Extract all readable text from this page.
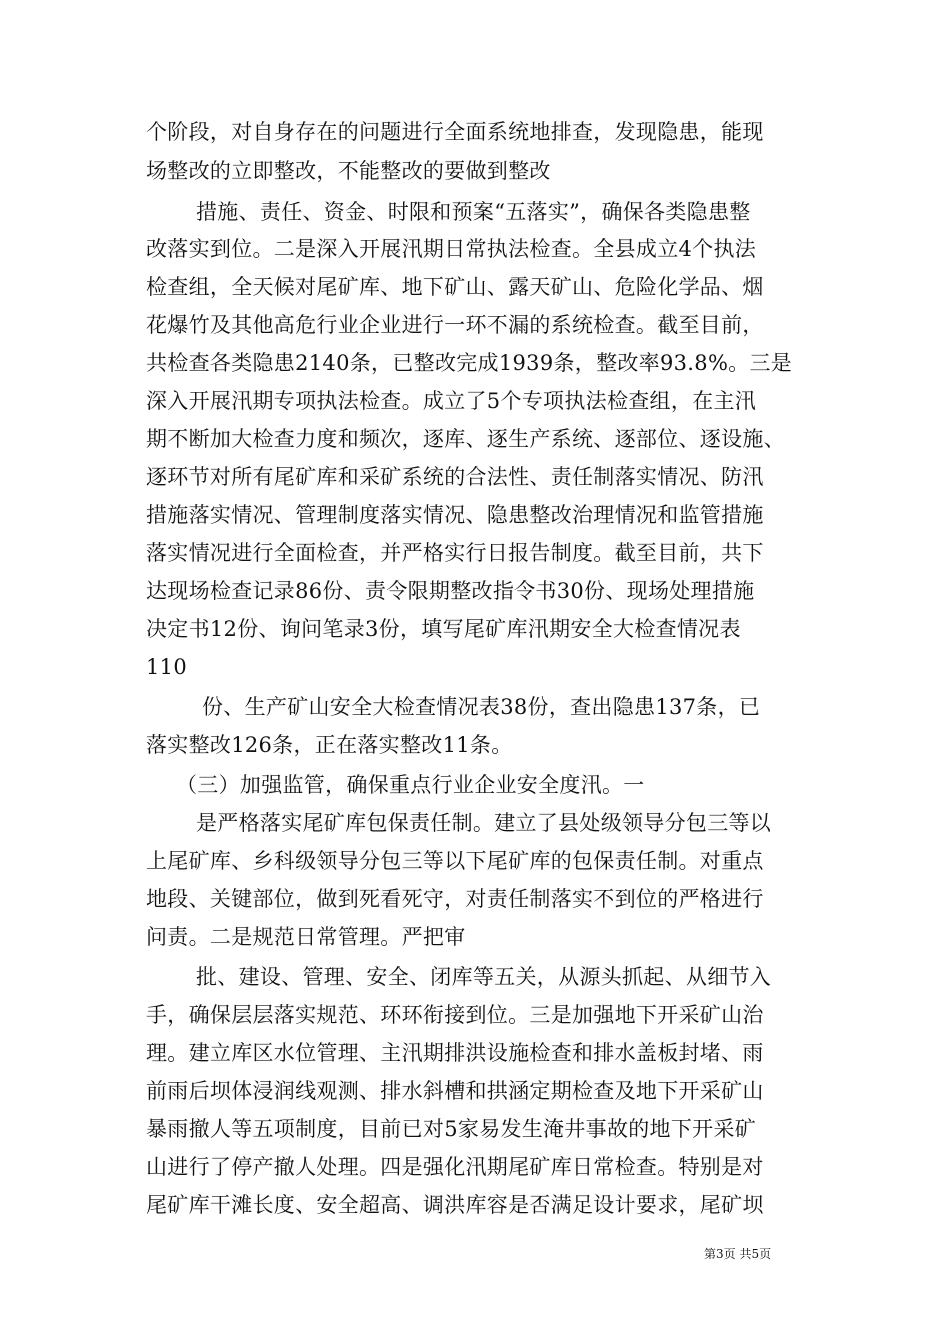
个阶段，对自身存在的问题进行全面系统地排查，发现隐患，能现
场整改的立即整改，不能整改的要做到整改
措施、责任、资金、时限和预案“五落实”，确保各类隐患整
改落实到位。二是深入开展汛期日常执法检查。全县成立4个执法
检查组，全天候对尾矿库、地下矿山、露天矿山、危险化学品、烟
花爆竹及其他高危行业企业进行一环不漏的系统检查。截至目前，
共检查各类隐患2140条，已整改完成1939条，整改率93.8%。三是
深入开展汛期专项执法检查。成立了5个专项执法检查组，在主汛
期不断加大检查力度和频次，逐库、逐生产系统、逐部位、逐设施、
逐环节对所有尾矿库和采矿系统的合法性、责任制落实情况、防汛
措施落实情况、管理制度落实情况、隐患整改治理情况和监管措施
落实情况进行全面检查，并严格实行日报告制度。截至目前，共下
达现场检查记录86份、责令限期整改指令书30份、现场处理措施
决定书12份、询问笔录3份，填写尾矿库汛期安全大检查情况表
110
份、生产矿山安全大检查情况表38份，查出隐患137条，已
落实整改126条，正在落实整改11条。
（三）加强监管，确保重点行业企业安全度汛。一
是严格落实尾矿库包保责任制。建立了县处级领导分包三等以
上尾矿库、乡科级领导分包三等以下尾矿库的包保责任制。对重点
地段、关键部位，做到死看死守，对责任制落实不到位的严格进行
问责。二是规范日常管理。严把审
批、建设、管理、安全、闭库等五关，从源头抓起、从细节入
手，确保层层落实规范、环环衔接到位。三是加强地下开采矿山治
理。建立库区水位管理、主汛期排洪设施检查和排水盖板封堵、雨
前雨后坝体浸润线观测、排水斜槽和拱涵定期检查及地下开采矿山
暴雨撤人等五项制度，目前已对5家易发生淹井事故的地下开采矿
山进行了停产撤人处理。四是强化汛期尾矿库日常检查。特别是对
尾矿库干滩长度、安全超高、调洪库容是否满足设计要求，尾矿坝
第3页 共5页
